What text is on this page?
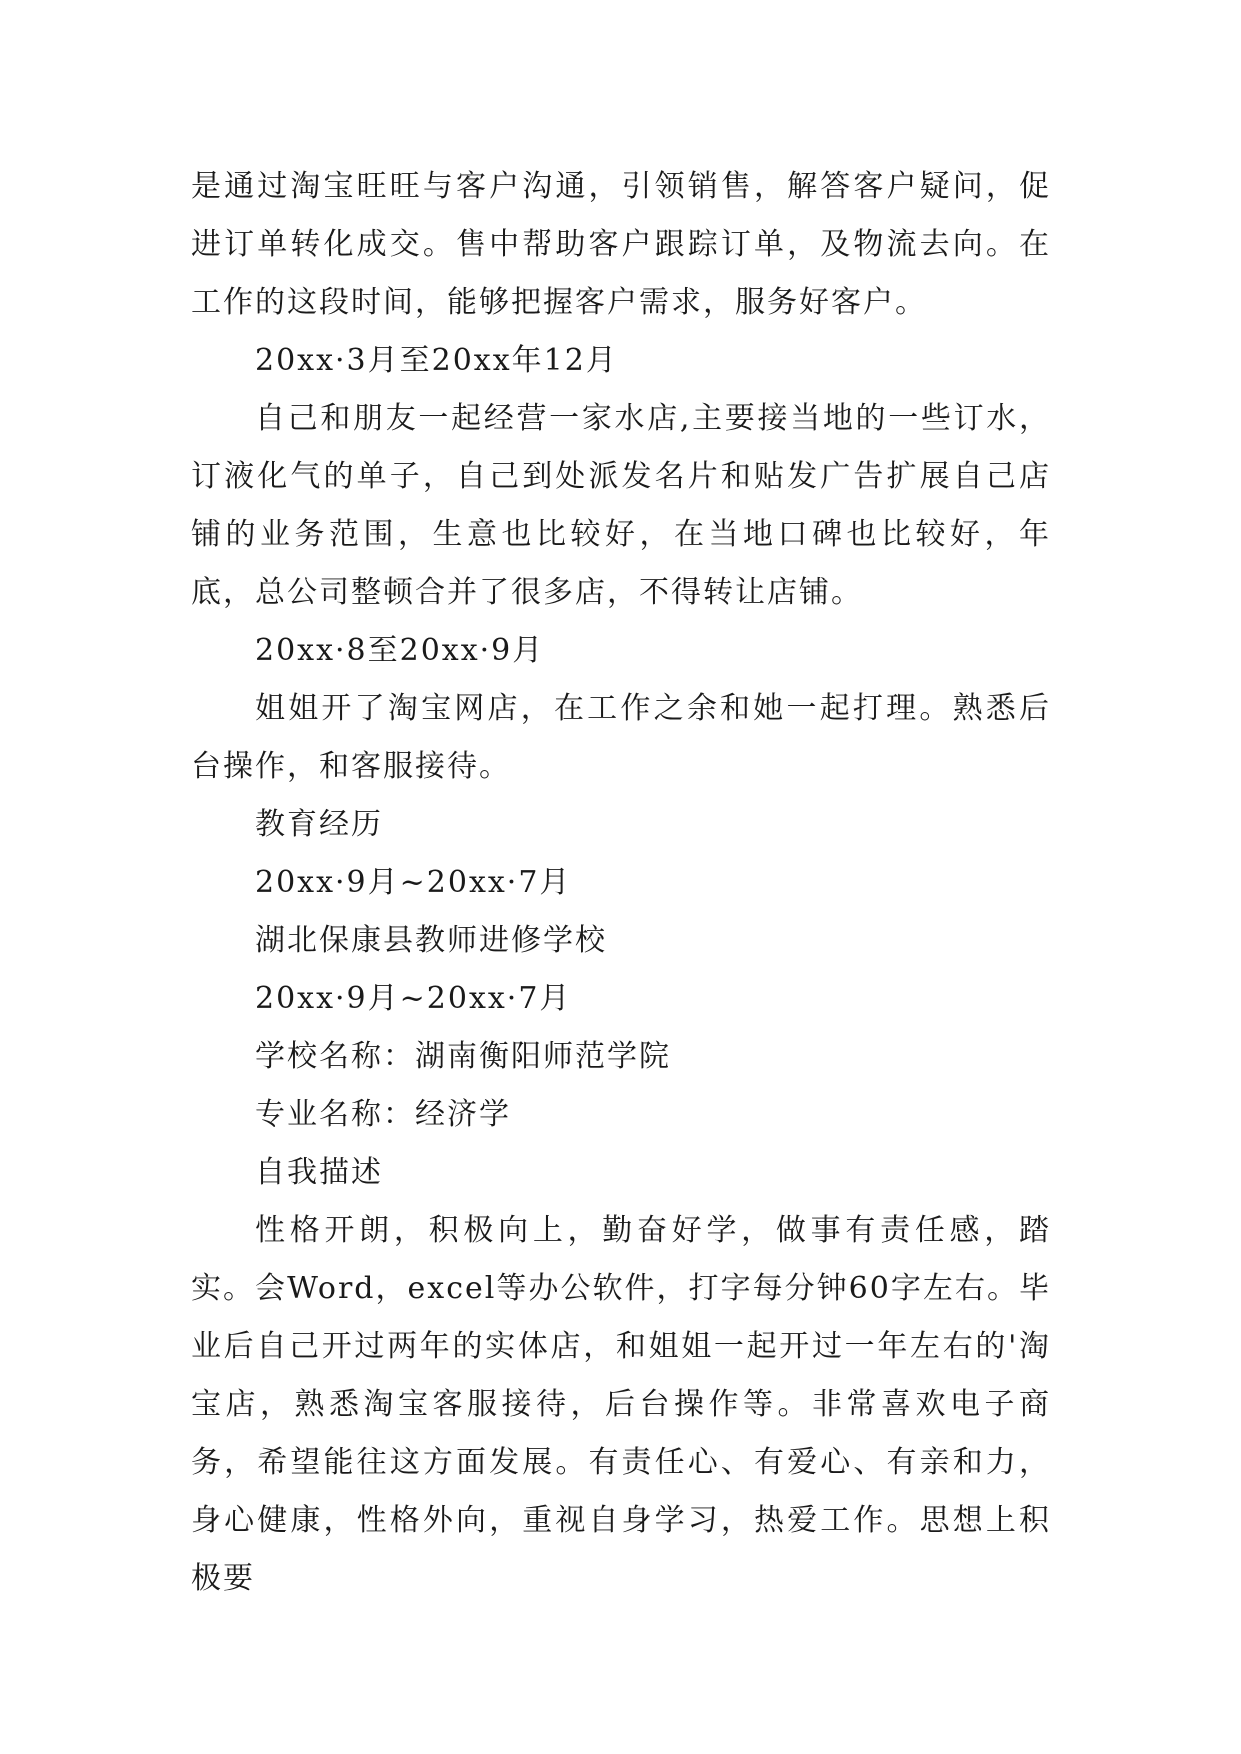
是通过淘宝旺旺与客户沟通，引领销售，解答客户疑问，促进订单转化成交。售中帮助客户跟踪订单，及物流去向。在工作的这段时间，能够把握客户需求，服务好客户。

20xx·3月至20xx年12月

自己和朋友一起经营一家水店,主要接当地的一些订水，订液化气的单子，自己到处派发名片和贴发广告扩展自己店铺的业务范围，生意也比较好，在当地口碑也比较好，年底，总公司整顿合并了很多店，不得转让店铺。

20xx·8至20xx·9月

姐姐开了淘宝网店，在工作之余和她一起打理。熟悉后台操作，和客服接待。

教育经历

20xx·9月~20xx·7月

湖北保康县教师进修学校

20xx·9月~20xx·7月

学校名称：湖南衡阳师范学院

专业名称：经济学

自我描述

性格开朗，积极向上，勤奋好学，做事有责任感，踏实。会Word，excel等办公软件，打字每分钟60字左右。毕业后自己开过两年的实体店，和姐姐一起开过一年左右的'淘宝店，熟悉淘宝客服接待，后台操作等。非常喜欢电子商务，希望能往这方面发展。有责任心、有爱心、有亲和力，身心健康，性格外向，重视自身学习，热爱工作。思想上积极要
